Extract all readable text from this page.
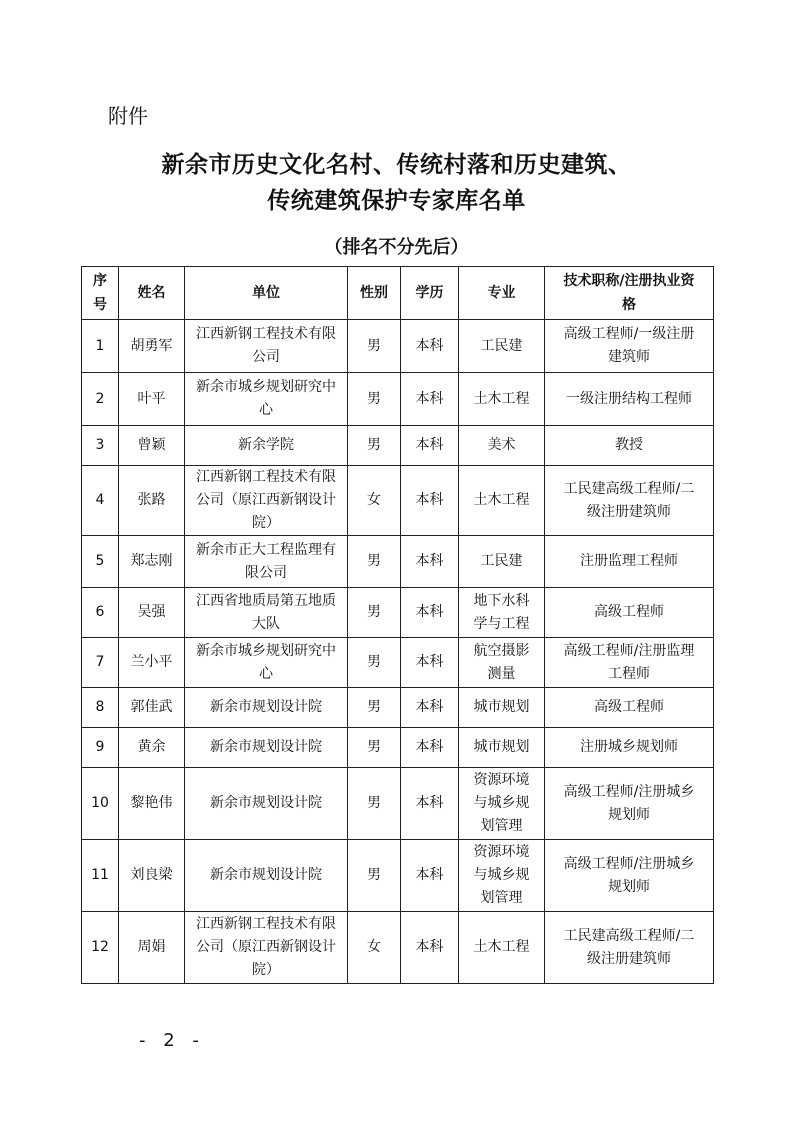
附件
新余市历史文化名村、传统村落和历史建筑、
传统建筑保护专家库名单
（排名不分先后）
序号	姓名	单位	性别	学历	专业	技术职称/注册执业资格

1	胡勇军	江西新钢工程技术有限公司	男	本科	工民建	高级工程师/一级注册建筑师

2	叶平	新余市城乡规划研究中心	男	本科	土木工程	一级注册结构工程师

3	曾颖	新余学院	男	本科	美术	教授

4	张路	江西新钢工程技术有限公司（原江西新钢设计院）	女	本科	土木工程	工民建高级工程师/二级注册建筑师

5	郑志刚	新余市正大工程监理有限公司	男	本科	工民建	注册监理工程师

6	吴强	江西省地质局第五地质大队	男	本科	地下水科学与工程	高级工程师

7	兰小平	新余市城乡规划研究中心	男	本科	航空摄影测量	高级工程师/注册监理工程师

8	郭佳武	新余市规划设计院	男	本科	城市规划	高级工程师

9	黄余	新余市规划设计院	男	本科	城市规划	注册城乡规划师

10	黎艳伟	新余市规划设计院	男	本科	资源环境与城乡规划管理	高级工程师/注册城乡规划师

11	刘良梁	新余市规划设计院	男	本科	资源环境与城乡规划管理	高级工程师/注册城乡规划师

12	周娟	江西新钢工程技术有限公司（原江西新钢设计院）	女	本科	土木工程	工民建高级工程师/二级注册建筑师
- 2 -
